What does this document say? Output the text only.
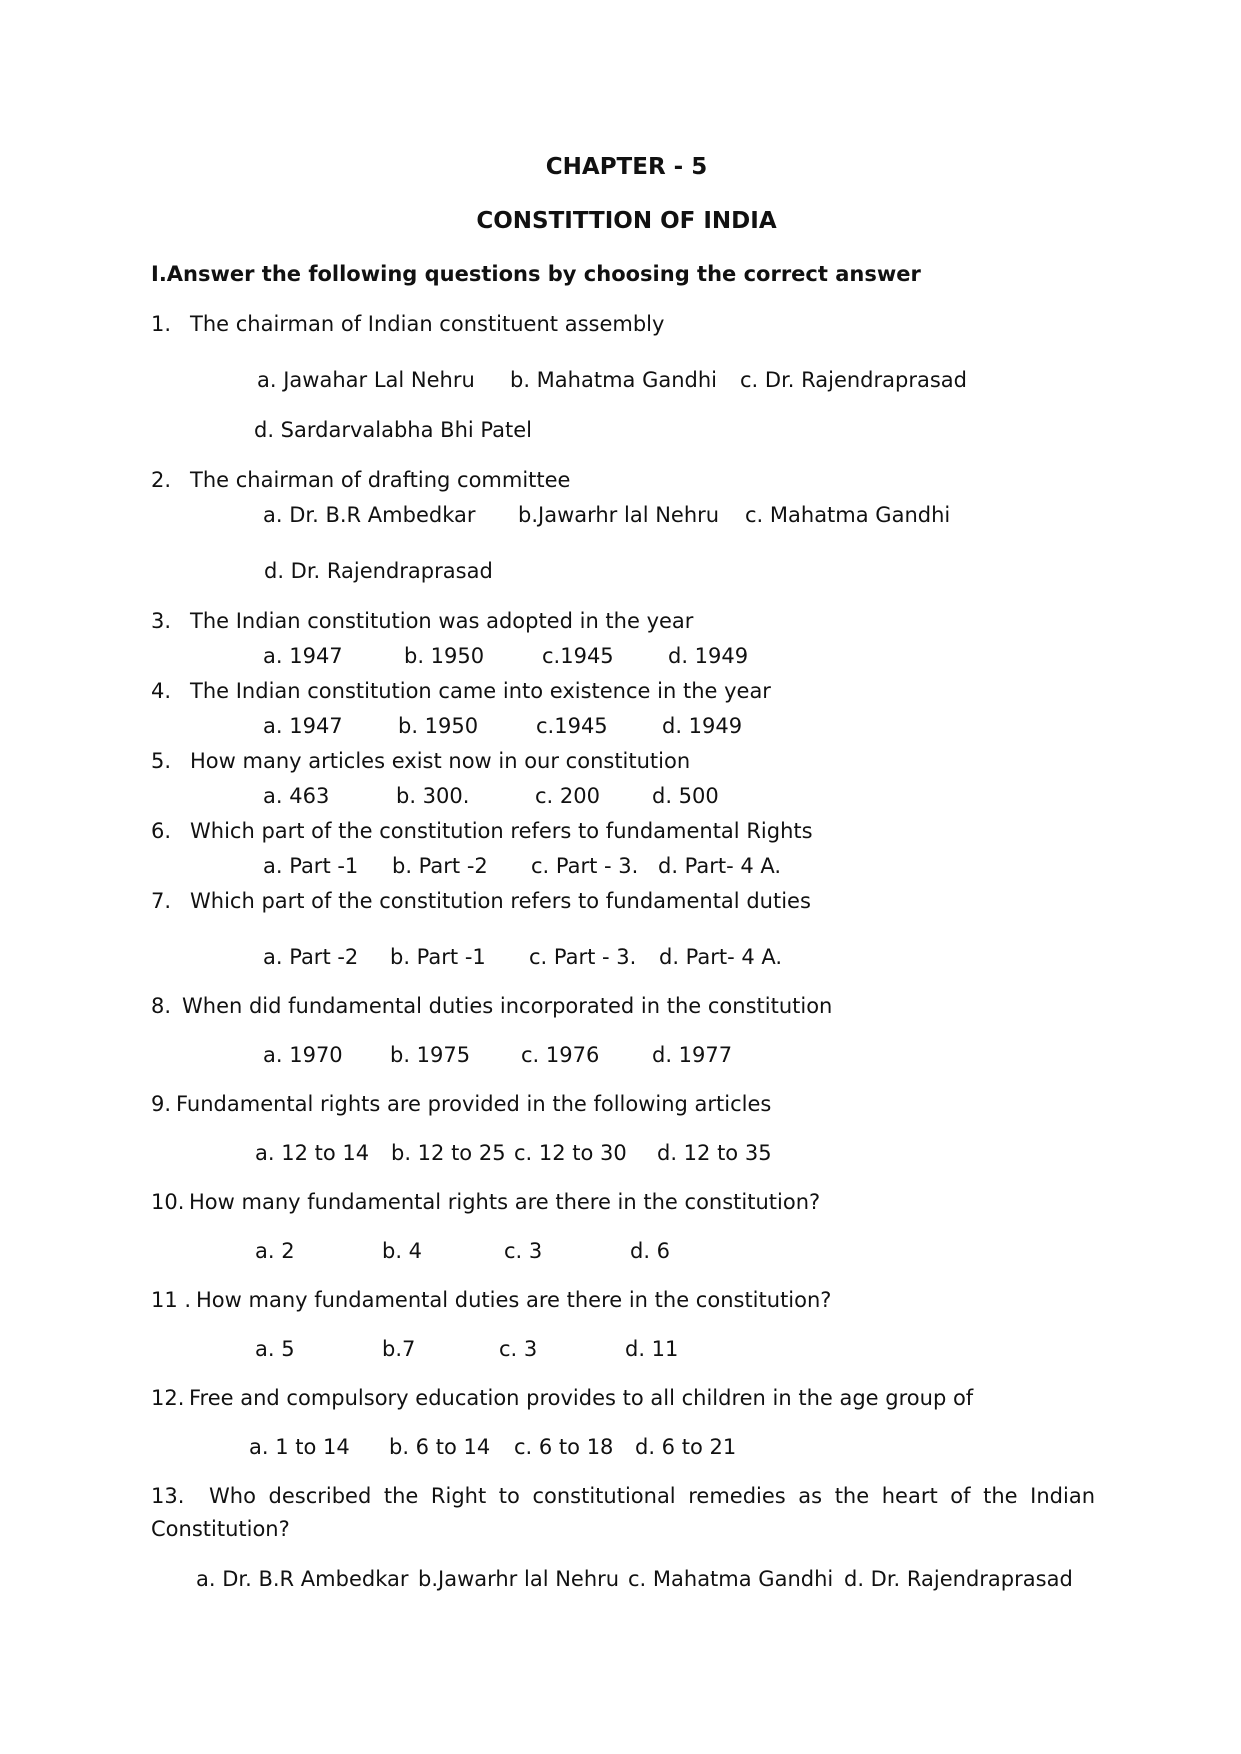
CHAPTER - 5
CONSTITTION OF INDIA
I.Answer the following questions by choosing the correct answer
1. The chairman of Indian constituent assembly
a. Jawahar Lal Nehru b. Mahatma Gandhi c. Dr. Rajendraprasad
d. Sardarvalabha Bhi Patel
2. The chairman of drafting committee
a. Dr. B.R Ambedkar b.Jawarhr lal Nehru c. Mahatma Gandhi
d. Dr. Rajendraprasad
3. The Indian constitution was adopted in the year
a. 1947	b. 1950	c.1945	d. 1949
4. The Indian constitution came into existence in the year
a. 1947	b. 1950	c.1945	d. 1949
5. How many articles exist now in our constitution
a. 463	b. 300.	c. 200 d. 500
6. Which part of the constitution refers to fundamental Rights
a. Part -1 b. Part -2 c. Part - 3. d. Part- 4 A.
7. Which part of the constitution refers to fundamental duties
a. Part -2 b. Part -1 c. Part - 3. d. Part- 4 A.
8. When did fundamental duties incorporated in the constitution
a. 1970 b. 1975 c. 1976	d. 1977
9. Fundamental rights are provided in the following articles
a. 12 to 14 b. 12 to 25 c. 12 to 30 d. 12 to 35
10. How many fundamental rights are there in the constitution?
a. 2	b. 4	c. 3	d. 6
11 . How many fundamental duties are there in the constitution?
a. 5	b.7	c. 3	d. 11
12. Free and compulsory education provides to all children in the age group of
a. 1 to 14 b. 6 to 14 c. 6 to 18 d. 6 to 21
13. Who described the Right to constitutional remedies as the heart of the Indian
Constitution?
a. Dr. B.R Ambedkar b.Jawarhr lal Nehru c. Mahatma Gandhi d. Dr. Rajendraprasad
